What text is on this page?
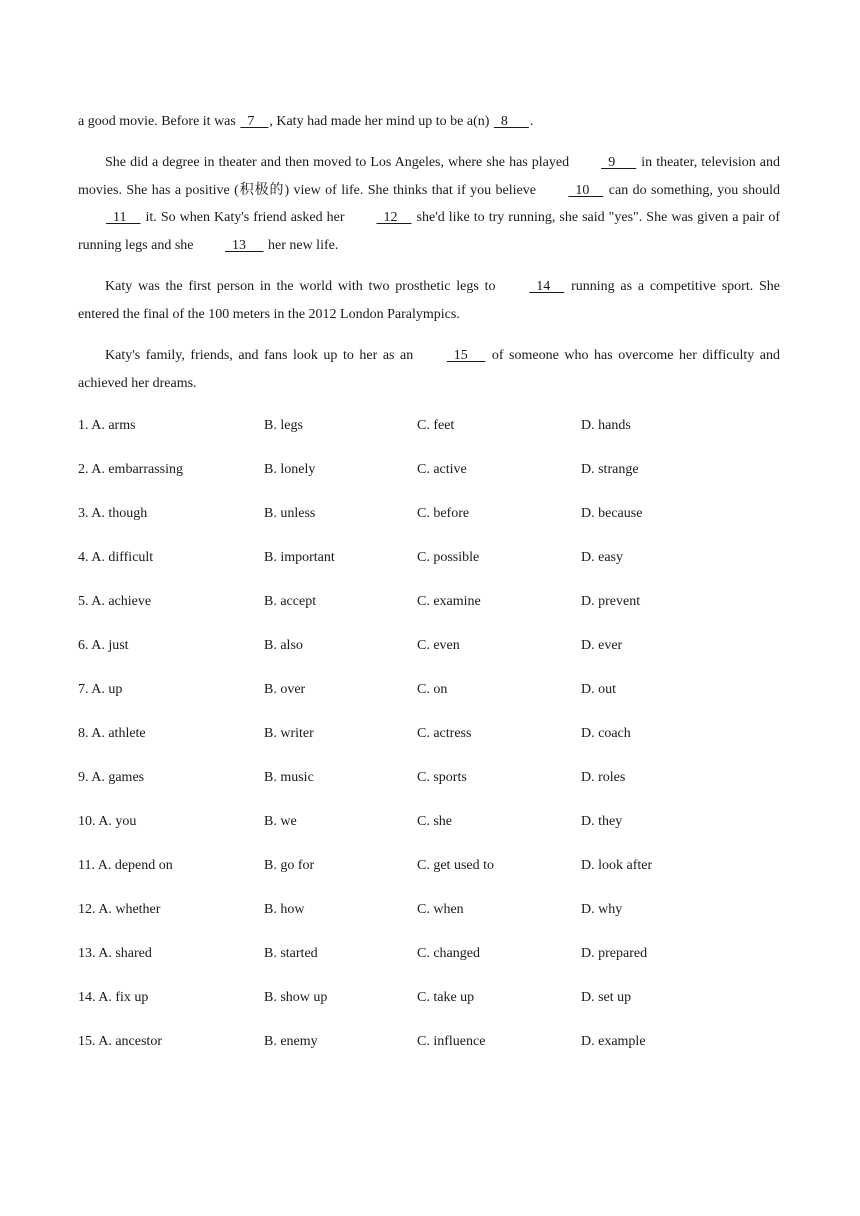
a good movie. Before it was   7    , Katy had made her mind up to be a(n)   8      .

She did a degree in theater and then moved to Los Angeles, where she has played   9       in theater, television and movies. She has a positive (积极的) view of life. She thinks that if you believe   10     can do something, you should   11     it. So when Katy's friend asked her   12     she'd like to try running, she said "yes". She was given a pair of running legs and she   13      her new life.

Katy was the first person in the world with two prosthetic legs to   14     running as a competitive sport. She entered the final of the 100 meters in the 2012 London Paralympics.

Katy's family, friends, and fans look up to her as an   15      of someone who has overcome her difficulty and achieved her dreams.

1. A. arms	B. legs	C. feet	D. hands
2. A. embarrassing	B. lonely	C. active	D. strange
3. A. though	B. unless	C. before	D. because
4. A. difficult	B. important	C. possible	D. easy
5. A. achieve	B. accept	C. examine	D. prevent
6. A. just	B. also	C. even	D. ever
7. A. up	B. over	C. on	D. out
8. A. athlete	B. writer	C. actress	D. coach
9. A. games	B. music	C. sports	D. roles
10. A. you	B. we	C. she	D. they
11. A. depend on	B. go for	C. get used to	D. look after
12. A. whether	B. how	C. when	D. why
13. A. shared	B. started	C. changed	D. prepared
14. A. fix up	B. show up	C. take up	D. set up
15. A. ancestor	B. enemy	C. influence	D. example
